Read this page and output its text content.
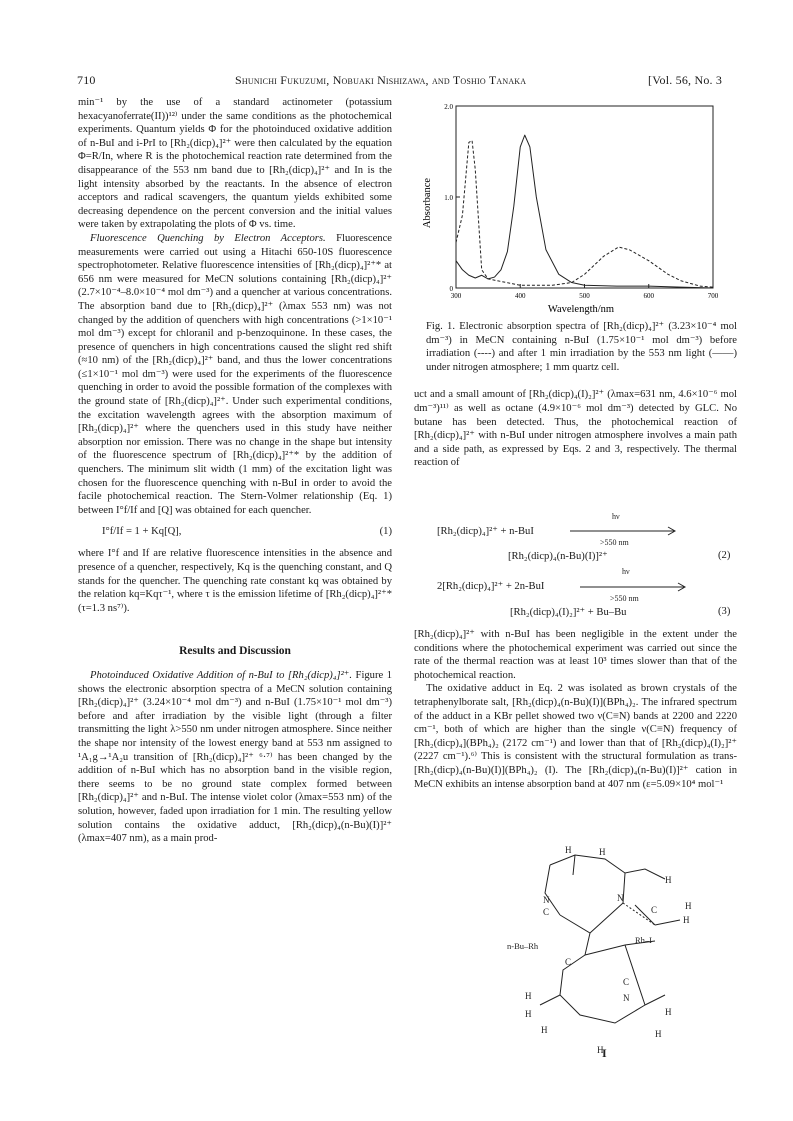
710	Shunichi Fukuzumi, Nobuaki Nishizawa, and Toshio Tanaka	[Vol. 56, No. 3

min⁻¹ by the use of a standard actinometer (potassium hexacyanoferrate(II))¹²⁾ under the same conditions as the photochemical experiments. Quantum yields Φ for the photoinduced oxidative addition of n-BuI and i-PrI to [Rh₂(dicp)₄]²⁺ were then calculated by the equation Φ=R/In, where R is the photochemical reaction rate determined from the disappearance of the 553 nm band due to [Rh₂(dicp)₄]²⁺ and In is the light intensity absorbed by the reactants. In the absence of electron acceptors and radical scavengers, the quantum yields exhibited some decreasing dependence on the percent conversion and the initial values were taken by extrapolating the plots of Φ vs. time.

Fluorescence Quenching by Electron Acceptors. Fluorescence measurements were carried out using a Hitachi 650-10S fluorescence spectrophotometer. Relative fluorescence intensities of [Rh₂(dicp)₄]²⁺* at 656 nm were measured for MeCN solutions containing [Rh₂(dicp)₄]²⁺ (2.7×10⁻⁴–8.0×10⁻⁴ mol dm⁻³) and a quencher at various concentrations. The absorption band due to [Rh₂(dicp)₄]²⁺ (λmax 553 nm) was not changed by the addition of quenchers with high concentrations (>1×10⁻¹ mol dm⁻³) except for chloranil and p-benzoquinone. In these cases, the presence of quenchers in high concentrations caused the slight red shift (≈10 nm) of the [Rh₂(dicp)₄]²⁺ band, and thus the lower concentrations (≤1×10⁻¹ mol dm⁻³) were used for the experiments of the fluorescence quenching in order to avoid the possible formation of the complexes with the ground state of [Rh₂(dicp)₄]²⁺. Under such experimental conditions, the excitation wavelength agrees with the absorption maximum of [Rh₂(dicp)₄]²⁺ where the quenchers used in this study have neither absorption nor emission. There was no change in the shape but intensity of the fluorescence spectrum of [Rh₂(dicp)₄]²⁺* by the addition of quenchers. The minimum slit width (1 mm) of the excitation light was chosen for the fluorescence quenching with n-BuI in order to avoid the facile photochemical reaction. The Stern-Volmer relationship (Eq. 1) between I°f/If and [Q] was obtained for each quencher.

I°f/If = 1 + Kq[Q],	(1)

where I°f and If are relative fluorescence intensities in the absence and presence of a quencher, respectively, Kq is the quenching constant, and Q stands for the quencher. The quenching rate constant kq was obtained by the relation kq=Kqτ⁻¹, where τ is the emission lifetime of [Rh₂(dicp)₄]²⁺* (τ=1.3 ns⁷⁾).

Results and Discussion

Photoinduced Oxidative Addition of n-BuI to [Rh₂(dicp)₄]²⁺. Figure 1 shows the electronic absorption spectra of a MeCN solution containing [Rh₂(dicp)₄]²⁺ (3.24×10⁻⁴ mol dm⁻³) and n-BuI (1.75×10⁻¹ mol dm⁻³) before and after irradiation by the visible light (through a filter transmitting the light λ>550 nm under nitrogen atmosphere. Since neither the shape nor intensity of the lowest energy band at 553 nm assigned to ¹A₁g→¹A₂u transition of [Rh₂(dicp)₄]²⁺ ⁶·⁷⁾ has been changed by the addition of n-BuI which has no absorption band in the visible region, there seems to be no ground state complex formed between [Rh₂(dicp)₄]²⁺ and n-BuI. The intense violet color (λmax=553 nm) of the solution, however, faded upon irradiation for 1 min. The resulting yellow solution contains the oxidative adduct, [Rh₂(dicp)₄(n-Bu)(I)]²⁺ (λmax=407 nm), as a main prod-

Absorbance
Wavelength/nm
300	400	500	600	700
0
1.0
2.0
Fig. 1. Electronic absorption spectra of [Rh₂(dicp)₄]²⁺ (3.23×10⁻⁴ mol dm⁻³) in MeCN containing n-BuI (1.75×10⁻¹ mol dm⁻³) before irradiation (----) and after 1 min irradiation by the 553 nm light (——) under nitrogen atmosphere; 1 mm quartz cell.

uct and a small amount of [Rh₂(dicp)₄(I)₂]²⁺ (λmax=631 nm, 4.6×10⁻⁶ mol dm⁻³)¹¹⁾ as well as octane (4.9×10⁻⁶ mol dm⁻³) detected by GLC. No butane has been detected. Thus, the photochemical reaction of [Rh₂(dicp)₄]²⁺ with n-BuI under nitrogen atmosphere involves a main path and a side path, as expressed by Eqs. 2 and 3, respectively. The thermal reaction of

[Rh₂(dicp)₄]²⁺ + n-BuI
hν
>550 nm
[Rh₂(dicp)₄(n-Bu)(I)]²⁺	(2)
2[Rh₂(dicp)₄]²⁺ + 2n-BuI
hν
>550 nm
[Rh₂(dicp)₄(I)₂]²⁺ + Bu–Bu	(3)

[Rh₂(dicp)₄]²⁺ with n-BuI has been negligible in the extent under the conditions where the photochemical experiment was carried out since the rate of the thermal reaction was at least 10³ times slower than that of the photochemical reaction.

The oxidative adduct in Eq. 2 was isolated as brown crystals of the tetraphenylborate salt, [Rh₂(dicp)₄(n-Bu)(I)](BPh₄)₂. The infrared spectrum of the adduct in a KBr pellet showed two ν(C≡N) bands at 2200 and 2220 cm⁻¹, both of which are higher than the single ν(C≡N) frequency of [Rh₂(dicp)₄](BPh₄)₂ (2172 cm⁻¹) and lower than that of [Rh₂(dicp)₄(I)₂]²⁺ (2227 cm⁻¹).⁶⁾ This is consistent with the structural formulation as trans-[Rh₂(dicp)₄(n-Bu)(I)](BPh₄)₂ (I). The [Rh₂(dicp)₄(n-Bu)(I)]²⁺ cation in MeCN exhibits an intense absorption band at 407 nm (ε=5.09×10⁴ mol⁻¹

H	H
H
H
H
N
C
N
C
H
H
H
H
H
H
C
N
C
n-Bu–Rh
Rh–I
I
